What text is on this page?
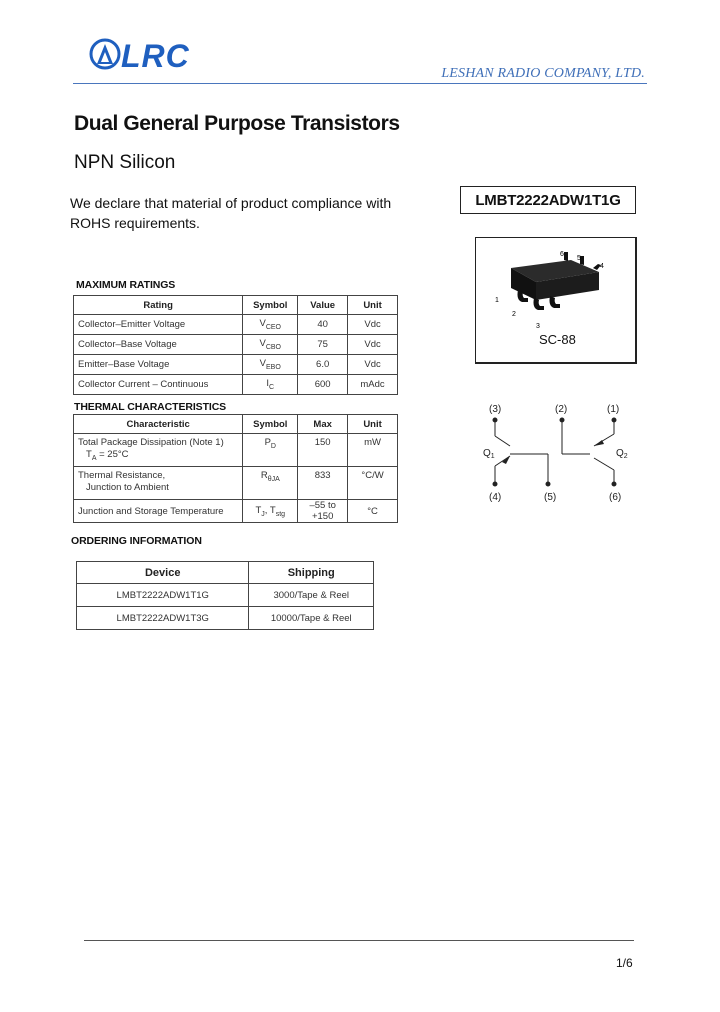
LRC	LESHAN RADIO COMPANY, LTD.
Dual General Purpose Transistors
NPN Silicon
We declare that material of product compliance with ROHS requirements.
LMBT2222ADW1T1G
6
5
4
1
2
3
SC-88
MAXIMUM RATINGS
Rating	Symbol	Value	Unit
Collector–Emitter Voltage	$V_{CEO}$	40	Vdc
Collector–Base Voltage	$V_{CBO}$	75	Vdc
Emitter–Base Voltage	$V_{EBO}$	6.0	Vdc
Collector Current – Continuous	$I_C$	600	mAdc
THERMAL CHARACTERISTICS
Characteristic	Symbol	Max	Unit

Total Package Dissipation (Note 1)
$T_A = 25^\circ C$	$P_D$	150	mW

Thermal Resistance,
Junction to Ambient	$R_{\theta JA}$	833	°C/W
Junction and Storage Temperature	$T_J$, $T_{stg}$	–55 to +150	°C
(3)	(2)	(1)
(4)	(5)	(6)
$Q_1$	$Q_2$
ORDERING INFORMATION
Device	Shipping
LMBT2222ADW1T1G	3000/Tape & Reel
LMBT2222ADW1T3G	10000/Tape & Reel
1/6
